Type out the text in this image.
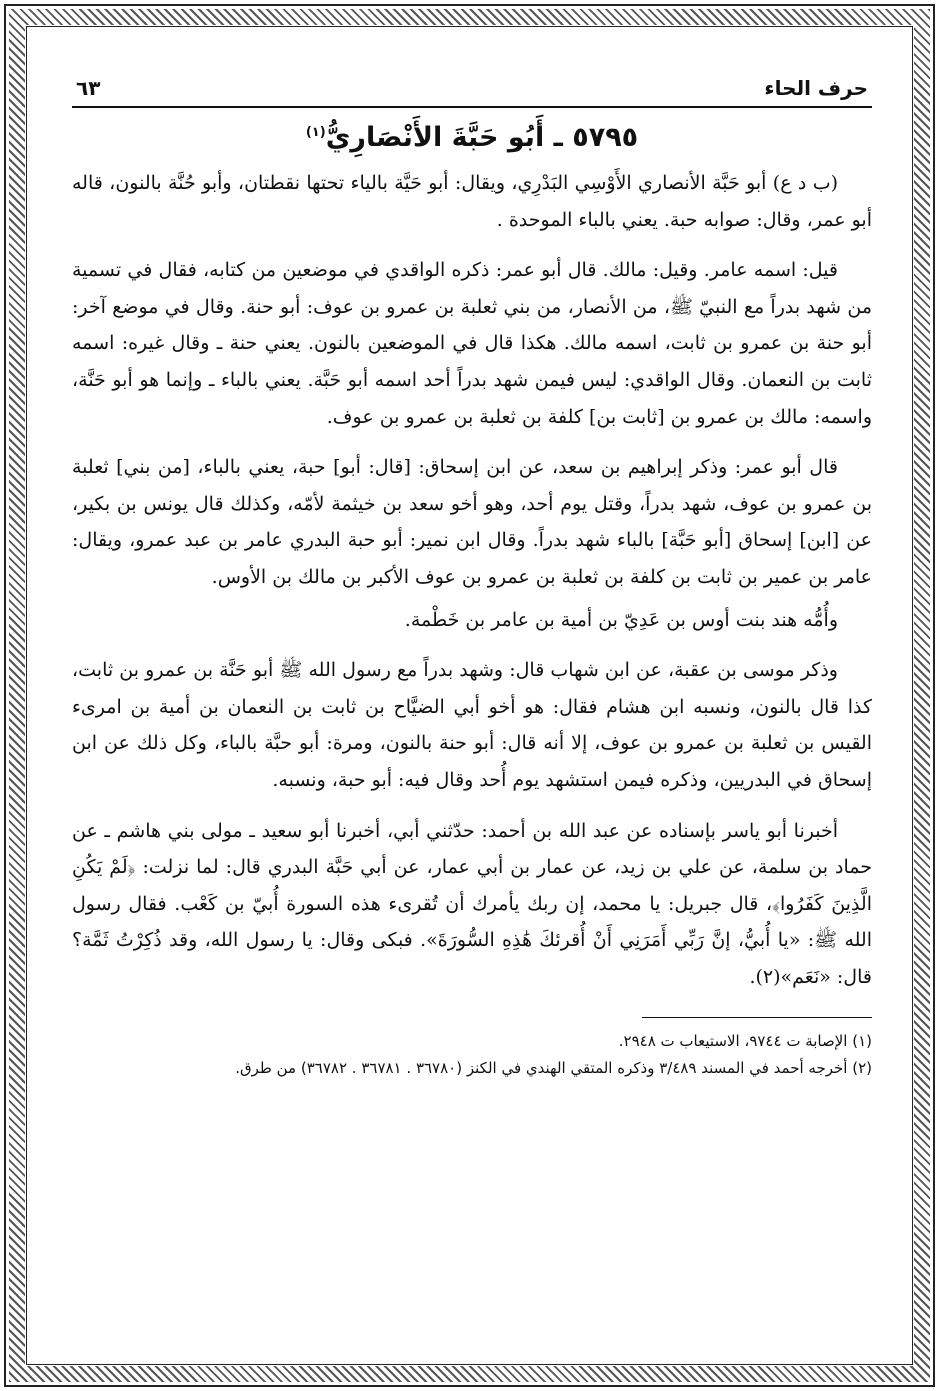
حرف الحاء
٦٣
٥٧٩٥ ـ أَبُو حَبَّةَ الأَنْصَارِيُّ$^{(١)}$

(ب د ع) أبو حَبَّة الأنصاري الأَوْسِي البَدْرِي، ويقال: أبو حَيَّة بالياء تحتها نقطتان، وأبو حُنَّة بالنون، قاله أبو عمر، وقال: صوابه حبة. يعني بالباء الموحدة .

قيل: اسمه عامر. وقيل: مالك. قال أبو عمر: ذكره الواقدي في موضعين من كتابه، فقال في تسمية من شهد بدراً مع النبيّ ﷺ، من الأنصار، من بني ثعلبة بن عمرو بن عوف: أبو حنة. وقال في موضع آخر: أبو حنة بن عمرو بن ثابت، اسمه مالك. هكذا قال في الموضعين بالنون. يعني حنة ـ وقال غيره: اسمه ثابت بن النعمان. وقال الواقدي: ليس فيمن شهد بدراً أحد اسمه أبو حَبَّة. يعني بالباء ـ وإنما هو أبو حَنَّة، واسمه: مالك بن عمرو بن [ثابت بن] كلفة بن ثعلبة بن عمرو بن عوف.

قال أبو عمر: وذكر إبراهيم بن سعد، عن ابن إسحاق: [قال: أبو] حبة، يعني بالباء، [من بني] ثعلبة بن عمرو بن عوف، شهد بدراً، وقتل يوم أحد، وهو أخو سعد بن خيثمة لأمّه، وكذلك قال يونس بن بكير، عن [ابن] إسحاق [أبو حَبَّة] بالباء شهد بدراً. وقال ابن نمير: أبو حبة البدري عامر بن عبد عمرو، ويقال: عامر بن عمير بن ثابت بن كلفة بن ثعلبة بن عمرو بن عوف الأكبر بن مالك بن الأوس.

وأُمُّه هند بنت أوس بن عَدِيّ بن أمية بن عامر بن خَطْمة.

وذكر موسى بن عقبة، عن ابن شهاب قال: وشهد بدراً مع رسول الله ﷺ أبو حَنَّة بن عمرو بن ثابت، كذا قال بالنون، ونسبه ابن هشام فقال: هو أخو أبي الضيَّاح بن ثابت بن النعمان بن أمية بن امرىء القيس بن ثعلبة بن عمرو بن عوف، إلا أنه قال: أبو حنة بالنون، ومرة: أبو حبَّة بالباء، وكل ذلك عن ابن إسحاق في البدريين، وذكره فيمن استشهد يوم أُحد وقال فيه: أبو حبة، ونسبه.

أخبرنا أبو ياسر بإسناده عن عبد الله بن أحمد: حدّثني أبي، أخبرنا أبو سعيد ـ مولى بني هاشم ـ عن حماد بن سلمة، عن علي بن زيد، عن عمار بن أبي عمار، عن أبي حَبَّة البدري قال: لما نزلت: ﴿لَمْ يَكُنِ الَّذِينَ كَفَرُوا﴾، قال جبريل: يا محمد، إن ربك يأمرك أن تُقرىء هذه السورة أُبيّ بن كَعْب. فقال رسول الله ﷺ: «يا أُبيُّ، إنَّ رَبِّي أَمَرَنِي أَنْ أُقرئكَ هَٰذِهِ السُّورَةَ». فبكى وقال: يا رسول الله، وقد ذُكِرْتُ ثَمَّة؟ قال: «نَعَم»(٢).

(١) الإصابة ت ٩٧٤٤، الاستيعاب ت ٢٩٤٨.

(٢) أخرجه أحمد في المسند ٣/٤٨٩ وذكره المتقي الهندي في الكنز (٣٦٧٨٠ . ٣٦٧٨١ . ٣٦٧٨٢) من طرق.
